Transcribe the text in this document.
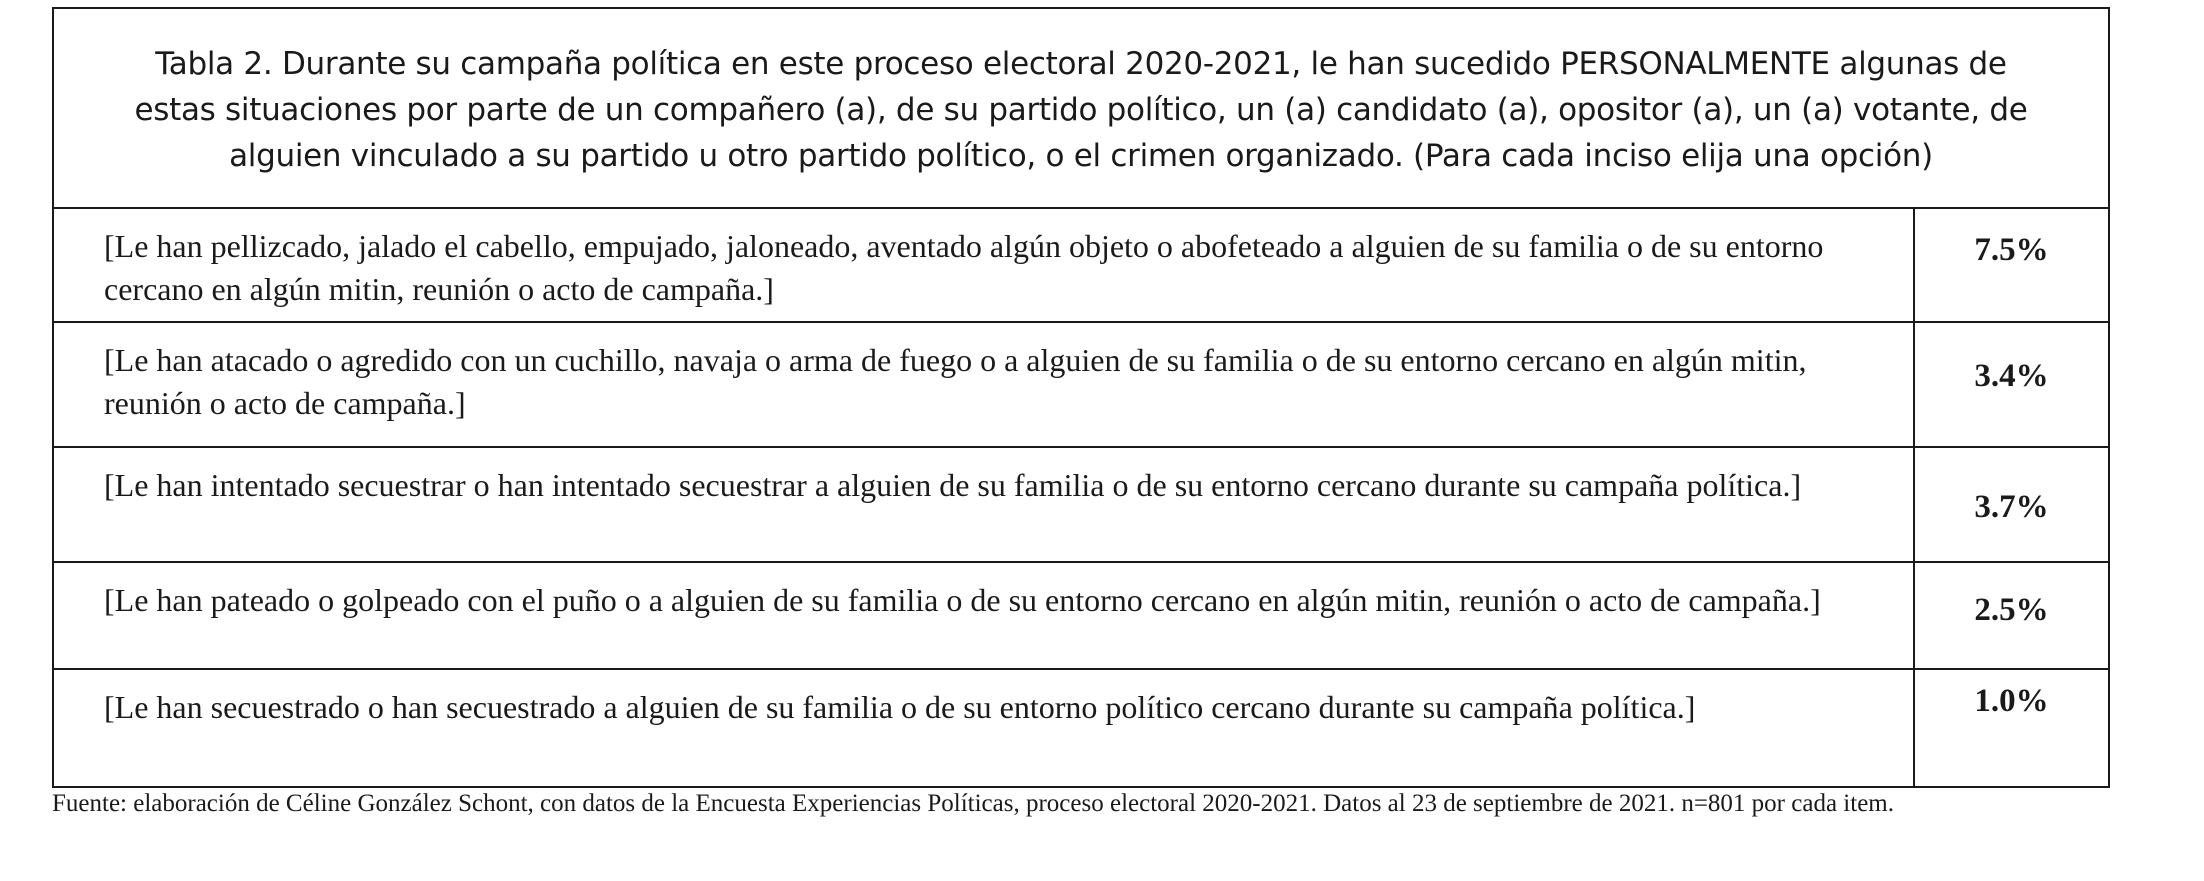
Tabla 2. Durante su campaña política en este proceso electoral 2020-2021, le han sucedido PERSONALMENTE algunas de estas situaciones por parte de un compañero (a), de su partido político, un (a) candidato (a), opositor (a), un (a) votante, de alguien vinculado a su partido u otro partido político, o el crimen organizado. (Para cada inciso elija una opción)
[Le han pellizcado, jalado el cabello, empujado, jaloneado, aventado algún objeto o abofeteado a alguien de su familia o de su entorno cercano en algún mitin, reunión o acto de campaña.]
7.5%
[Le han atacado o agredido con un cuchillo, navaja o arma de fuego o a alguien de su familia o de su entorno cercano en algún mitin, reunión o acto de campaña.]
3.4%
[Le han intentado secuestrar o han intentado secuestrar a alguien de su familia o de su entorno cercano durante su campaña política.]
3.7%
[Le han pateado o golpeado con el puño o a alguien de su familia o de su entorno cercano en algún mitin, reunión o acto de campaña.]	2.5%
[Le han secuestrado o han secuestrado a alguien de su familia o de su entorno político cercano durante su campaña política.]	1.0%
Fuente: elaboración de Céline González Schont, con datos de la Encuesta Experiencias Políticas, proceso electoral 2020-2021. Datos al 23 de septiembre de 2021. n=801 por cada item.
